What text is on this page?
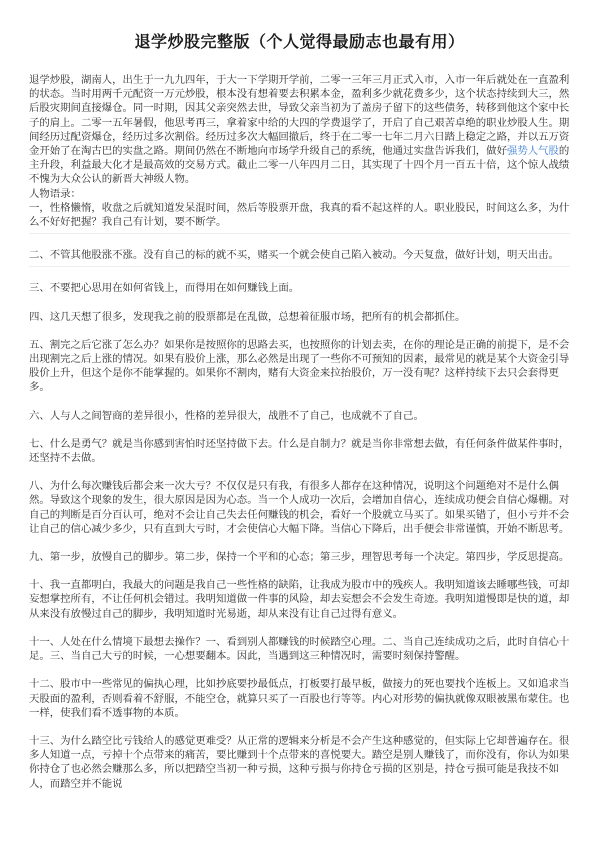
退学炒股完整版（个人觉得最励志也最有用）

退学炒股，湖南人，出生于一九九四年，于大一下学期开学前，二零一三年三月正式入市，入市一年后就处在一直盈利的状态。当时用两千元配资一万元炒股，根本没有想着要去积累本金，盈利多少就花费多少，这个状态持续到大三，然后股灾期间直接爆仓。同一时期，因其父亲突然去世，导致父亲当初为了盖房子留下的这些债务，转移到他这个家中长子的肩上。二零一五年暑假，他思考再三，拿着家中给的大四的学费退学了，开启了自己艰苦卓绝的职业炒股人生。期间经历过配资爆仓，经历过多次割俗。经历过多次大幅回撤后，终于在二零一七年二月六日踏上稳定之路，并以五万资金开始了在淘古巴的实盘之路。期间仍然在不断地向市场学升级自己的系统，他通过实盘告诉我们，做好强势人气股的主升段，利益最大化才是最高效的交易方式。截止二零一八年四月二日，其实现了十四个月一百五十倍，这个惊人战绩不愧为大众公认的新晋大神级人物。

人物语录：

一，性格懒惰，收盘之后就知道发呆混时间，然后等股票开盘，我真的看不起这样的人。职业股民，时间这么多，为什么不好好把握？我自己有计划，要不断学。

二、不管其他股涨不涨。没有自己的标的就不买，赌买一个就会使自己陷入被动。今天复盘，做好计划，明天出击。

三、不要把心思用在如何省钱上，而得用在如何赚钱上面。

四、这几天想了很多，发现我之前的股票都是在乱做，总想着征服市场，把所有的机会都抓住。

五、割完之后它涨了怎么办？如果你是按照你的思路去买，也按照你的计划去卖，在你的理论是正确的前提下，是不会出现割完之后上涨的情况。如果有股价上涨，那么必然是出现了一些你不可预知的因素，最常见的就是某个大资金引导股价上升，但这个是你不能掌握的。如果你不割肉，赌有大资金来拉抬股价，万一没有呢？这样持续下去只会套得更多。

六、人与人之间智商的差异很小，性格的差异很大，战胜不了自己，也成就不了自己。

七、什么是勇气？就是当你感到害怕时还坚持做下去。什么是自制力？就是当你非常想去做，有任何条件做某件事时，还坚持不去做。

八、为什么每次赚钱后都会来一次大亏？不仅仅是只有我，有很多人都存在这种情况，说明这个问题绝对不是什么偶然。导致这个现象的发生，很大原因是因为心态。当一个人成功一次后，会增加自信心，连续成功便会自信心爆棚。对自己的判断是百分百认可，绝对不会让自己失去任何赚钱的机会，看好一个股就立马买了。如果买错了，但小亏并不会让自己的信心减少多少，只有直到大亏时，才会使信心大幅下降。当信心下降后，出手便会非常谨慎，开始不断思考。

九、第一步，放慢自己的脚步。第二步，保持一个平和的心态；第三步，理智思考每一个决定。第四步，学反思提高。

十、我一直都明白，我最大的问题是我自己一些性格的缺陷，让我成为股市中的残疾人。我明知道该去睡哪些钱，可却妄想掌控所有，不让任何机会错过。我明知道做一件事的风险，却去妄想会不会发生奇迹。我明知道慢即是快的道，却从来没有放慢过自己的脚步，我明知道时光易逝，却从来没有让自己过得有意义。

十一、人处在什么情境下最想去操作？一、看到别人都赚钱的时候踏空心理。二、当自己连续成功之后，此时自信心十足。三、当自己大亏的时候，一心想要翻本。因此，当遇到这三种情况时，需要时刻保持警醒。

十二、股市中一些常见的偏执心理，比如抄底要抄最低点，打板要打最早板，做接力的死也要找个连板上。又如追求当天股面的盈利，否则看着不舒服，不能空仓，就算只买了一百股也行等等。内心对形势的偏执就像双眼被黑布蒙住。也一样，使我们看不透事物的本质。

十三、为什么踏空比亏钱给人的感觉更难受？从正常的逻辑来分析是不会产生这种感觉的，但实际上它却普遍存在。很多人知道一点，亏掉十个点带来的痛苦，要比赚到十个点带来的喜悦要大。踏空是别人赚钱了，而你没有，你认为如果你持仓了也必然会赚那么多，所以把踏空当初一种亏损，这种亏损与你持仓亏损的区别是，持仓亏损可能是我技不如人，而踏空并不能说
